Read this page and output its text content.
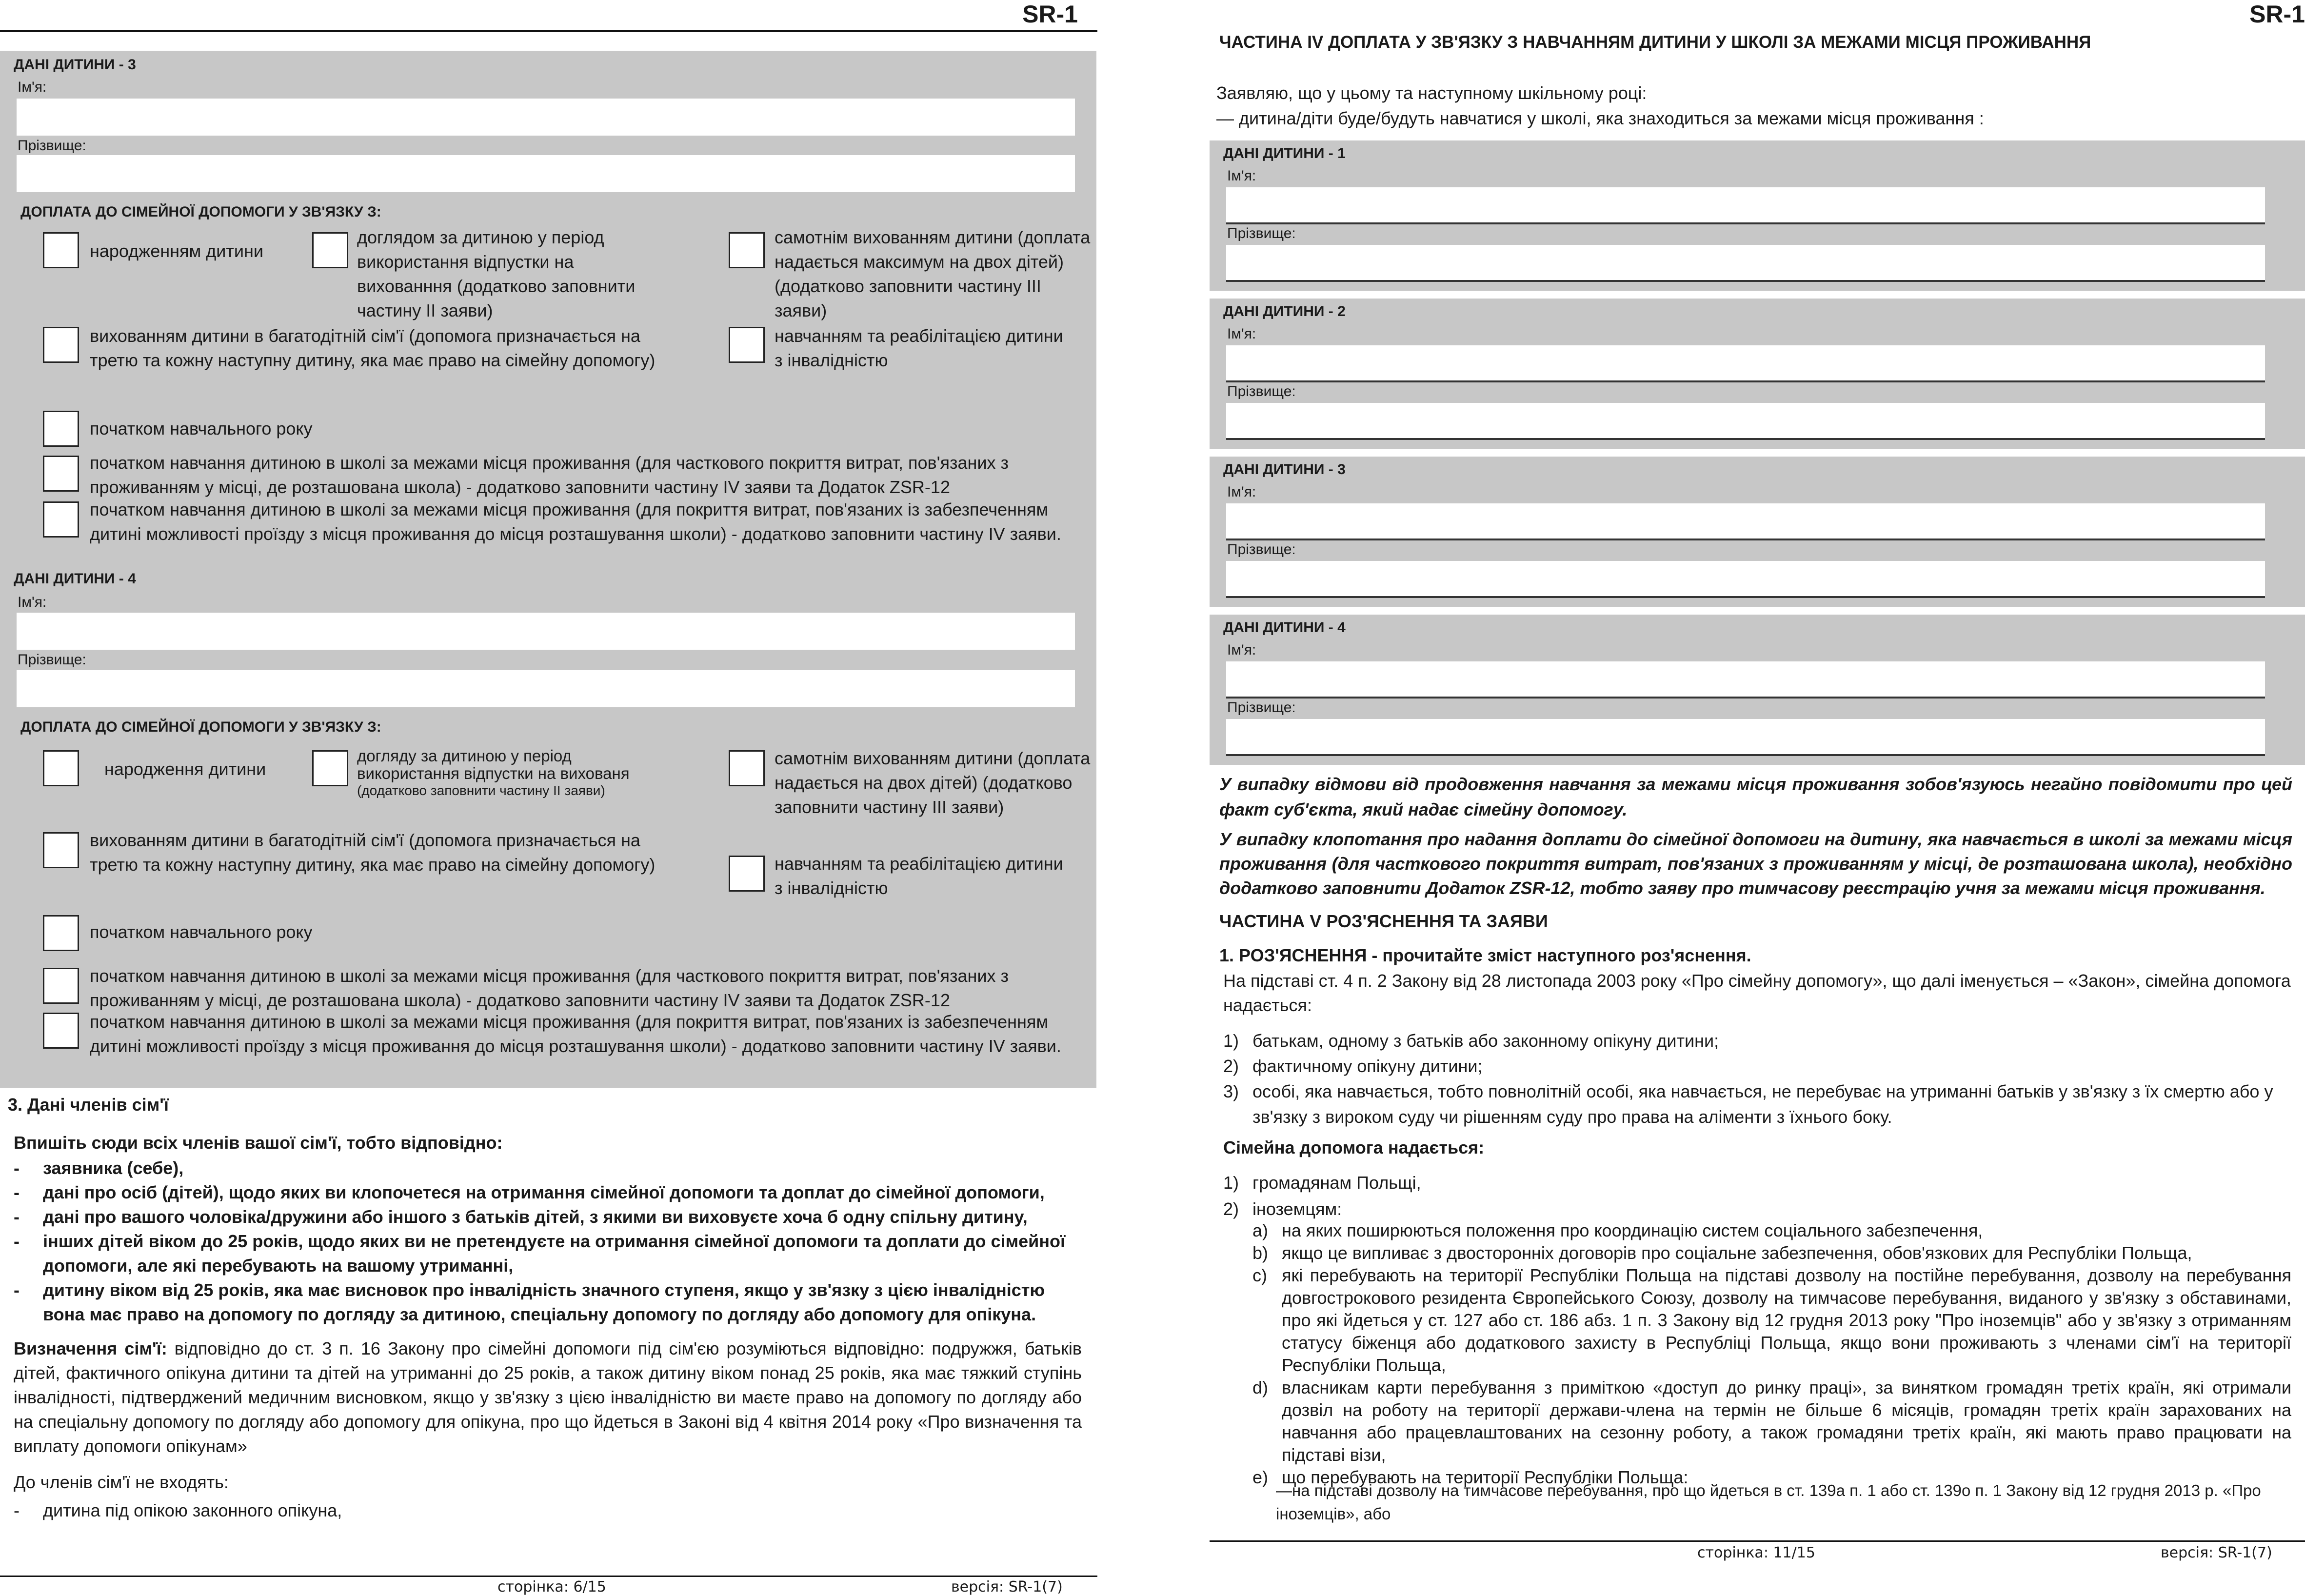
SR-1
ДАНІ ДИТИНИ - 3
Ім'я:
Прізвище:
ДОПЛАТА ДО СІМЕЙНОЇ ДОПОМОГИ У ЗВ'ЯЗКУ З:
народженням дитини
доглядом за дитиною у період використання відпустки на вихованння (додатково заповнити частину ІІ заяви)
самотнім вихованням дитини (доплата надається максимум на двох дітей) (додатково заповнити частину ІІІ заяви)
вихованням дитини в багатодітній сім'ї (допомога призначається на третю та кожну наступну дитину, яка має право на сімейну допомогу)
навчанням та реабілітацією дитини з інвалідністю
початком навчального року
початком навчання дитиною в школі за межами місця проживання (для часткового покриття витрат, пов'язаних з проживанням у місці, де розташована школа) - додатково заповнити частину IV заяви та Додаток ZSR-12
початком навчання дитиною в школі за межами місця проживання (для покриття витрат, пов'язаних із забезпеченням дитині можливості проїзду з місця проживання до місця розташування школи) - додатково заповнити частину IV заяви.
ДАНІ ДИТИНИ - 4
Ім'я:
Прізвище:
ДОПЛАТА ДО СІМЕЙНОЇ ДОПОМОГИ У ЗВ'ЯЗКУ З:
народження дитини
догляду за дитиною у період використання відпустки на вихованя
(додатково заповнити частину ІІ заяви)
самотнім вихованням дитини (доплата надається на двох дітей) (додатково заповнити частину ІІІ заяви)
вихованням дитини в багатодітній сім'ї (допомога призначається на третю та кожну наступну дитину, яка має право на сімейну допомогу)	навчанням та реабілітацією дитини з інвалідністю
початком навчального року
початком навчання дитиною в школі за межами місця проживання (для часткового покриття витрат, пов'язаних з проживанням у місці, де розташована школа) - додатково заповнити частину IV заяви та Додаток ZSR-12
початком навчання дитиною в школі за межами місця проживання (для покриття витрат, пов'язаних із забезпеченням дитині можливості проїзду з місця проживання до місця розташування школи) - додатково заповнити частину IV заяви.
3. Дані членів сім'ї
Впишіть сюди всіх членів вашої сім'ї, тобто відповідно:
- заявника (себе),
- дані про осіб (дітей), щодо яких ви клопочетеся на отримання сімейної допомоги та доплат до сімейної допомоги,
- дані про вашого чоловіка/дружини або іншого з батьків дітей, з якими ви виховуєте хоча б одну спільну дитину,
- інших дітей віком до 25 років, щодо яких ви не претендуєте на отримання сімейної допомоги та доплати до сімейної допомоги, але які перебувають на вашому утриманні,
- дитину віком від 25 років, яка має висновок про інвалідність значного ступеня, якщо у зв'язку з цією інвалідністю вона має право на допомогу по догляду за дитиною, спеціальну допомогу по догляду або допомогу для опікуна.
Визначення сім'ї: відповідно до ст. 3 п. 16 Закону про сімейні допомоги під сім'єю розуміються відповідно: подружжя, батьків дітей, фактичного опікуна дитини та дітей на утриманні до 25 років, а також дитину віком понад 25 років, яка має тяжкий ступінь інвалідності, підтверджений медичним висновком, якщо у зв'язку з цією інвалідністю ви маєте право на допомогу по догляду або на спеціальну допомогу по догляду або допомогу для опікуна, про що йдеться в Законі від 4 квітня 2014 року «Про визначення та виплату допомоги опікунам»
До членів сім'ї не входять:
- дитина під опікою законного опікуна,
сторінка: 6/15	версія: SR-1(7)
SR-1
ЧАСТИНА IV ДОПЛАТА У ЗВ'ЯЗКУ З НАВЧАННЯМ ДИТИНИ У ШКОЛІ ЗА МЕЖАМИ МІСЦЯ ПРОЖИВАННЯ
Заявляю, що у цьому та наступному шкільному році:
— дитина/діти буде/будуть навчатися у школі, яка знаходиться за межами місця проживання :
ДАНІ ДИТИНИ - 1
Ім'я:
Прізвище:
ДАНІ ДИТИНИ - 2
Ім'я:
Прізвище:
ДАНІ ДИТИНИ - 3
Ім'я:
Прізвище:
ДАНІ ДИТИНИ - 4
Ім'я:
Прізвище:
У випадку відмови від продовження навчання за межами місця проживання зобов'язуюсь негайно повідомити про цей факт суб'єкта, який надає сімейну допомогу.
У випадку клопотання про надання доплати до сімейної допомоги на дитину, яка навчається в школі за межами місця проживання (для часткового покриття витрат, пов'язаних з проживанням у місці, де розташована школа), необхідно додатково заповнити Додаток ZSR-12, тобто заяву про тимчасову реєстрацію учня за межами місця проживання.
ЧАСТИНА V РОЗ'ЯСНЕННЯ ТА ЗАЯВИ
1. РОЗ'ЯСНЕННЯ - прочитайте зміст наступного роз'яснення.
На підставі ст. 4 п. 2 Закону від 28 листопада 2003 року «Про сімейну допомогу», що далі іменується – «Закон», сімейна допомога надається:
1) батькам, одному з батьків або законному опікуну дитини;
2) фактичному опікуну дитини;
3) особі, яка навчається, тобто повнолітній особі, яка навчається, не перебуває на утриманні батьків у зв'язку з їх смертю або у зв'язку з вироком суду чи рішенням суду про права на аліменти з їхнього боку.
Сімейна допомога надається:
1) громадянам Польщі,
2) іноземцям:
a) на яких поширюються положення про координацію систем соціального забезпечення,
b) якщо це випливає з двосторонніх договорів про соціальне забезпечення, обов'язкових для Республіки Польща,
c) які перебувають на території Республіки Польща на підставі дозволу на постійне перебування, дозволу на перебування довгострокового резидента Європейського Союзу, дозволу на тимчасове перебування, виданого у зв'язку з обставинами, про які йдеться у ст. 127 або ст. 186 абз. 1 п. 3 Закону від 12 грудня 2013 року "Про іноземців" або у зв'язку з отриманням статусу біженця або додаткового захисту в Республіці Польща, якщо вони проживають з членами сім'ї на території Республіки Польща,
d) власникам карти перебування з приміткою «доступ до ринку праці», за винятком громадян третіх країн, які отримали дозвіл на роботу на території держави-члена на термін не більше 6 місяців, громадян третіх країн зарахованих на навчання або працевлаштованих на сезонну роботу, а також громадяни третіх країн, які мають право працювати на підставі візи,
e) що перебувають на території Республіки Польща:
—на підставі дозволу на тимчасове перебування, про що йдеться в ст. 139а п. 1 або ст. 139о п. 1 Закону від 12 грудня 2013 р. «Про іноземців», або
сторінка: 11/15	версія: SR-1(7)
